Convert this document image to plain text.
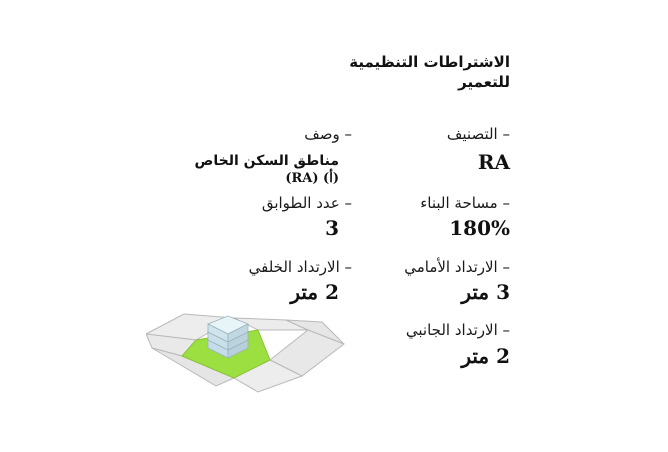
الاشتراطات التنظيمية
للتعمير
– التصنيف
RA
– مساحة البناء
180%
– الارتداد الأمامي
3 متر
– الارتداد الجانبي
2 متر
– وصف
مناطق السكن الخاص
(RA) (أ)
– عدد الطوابق
3
– الارتداد الخلفي
2 متر
